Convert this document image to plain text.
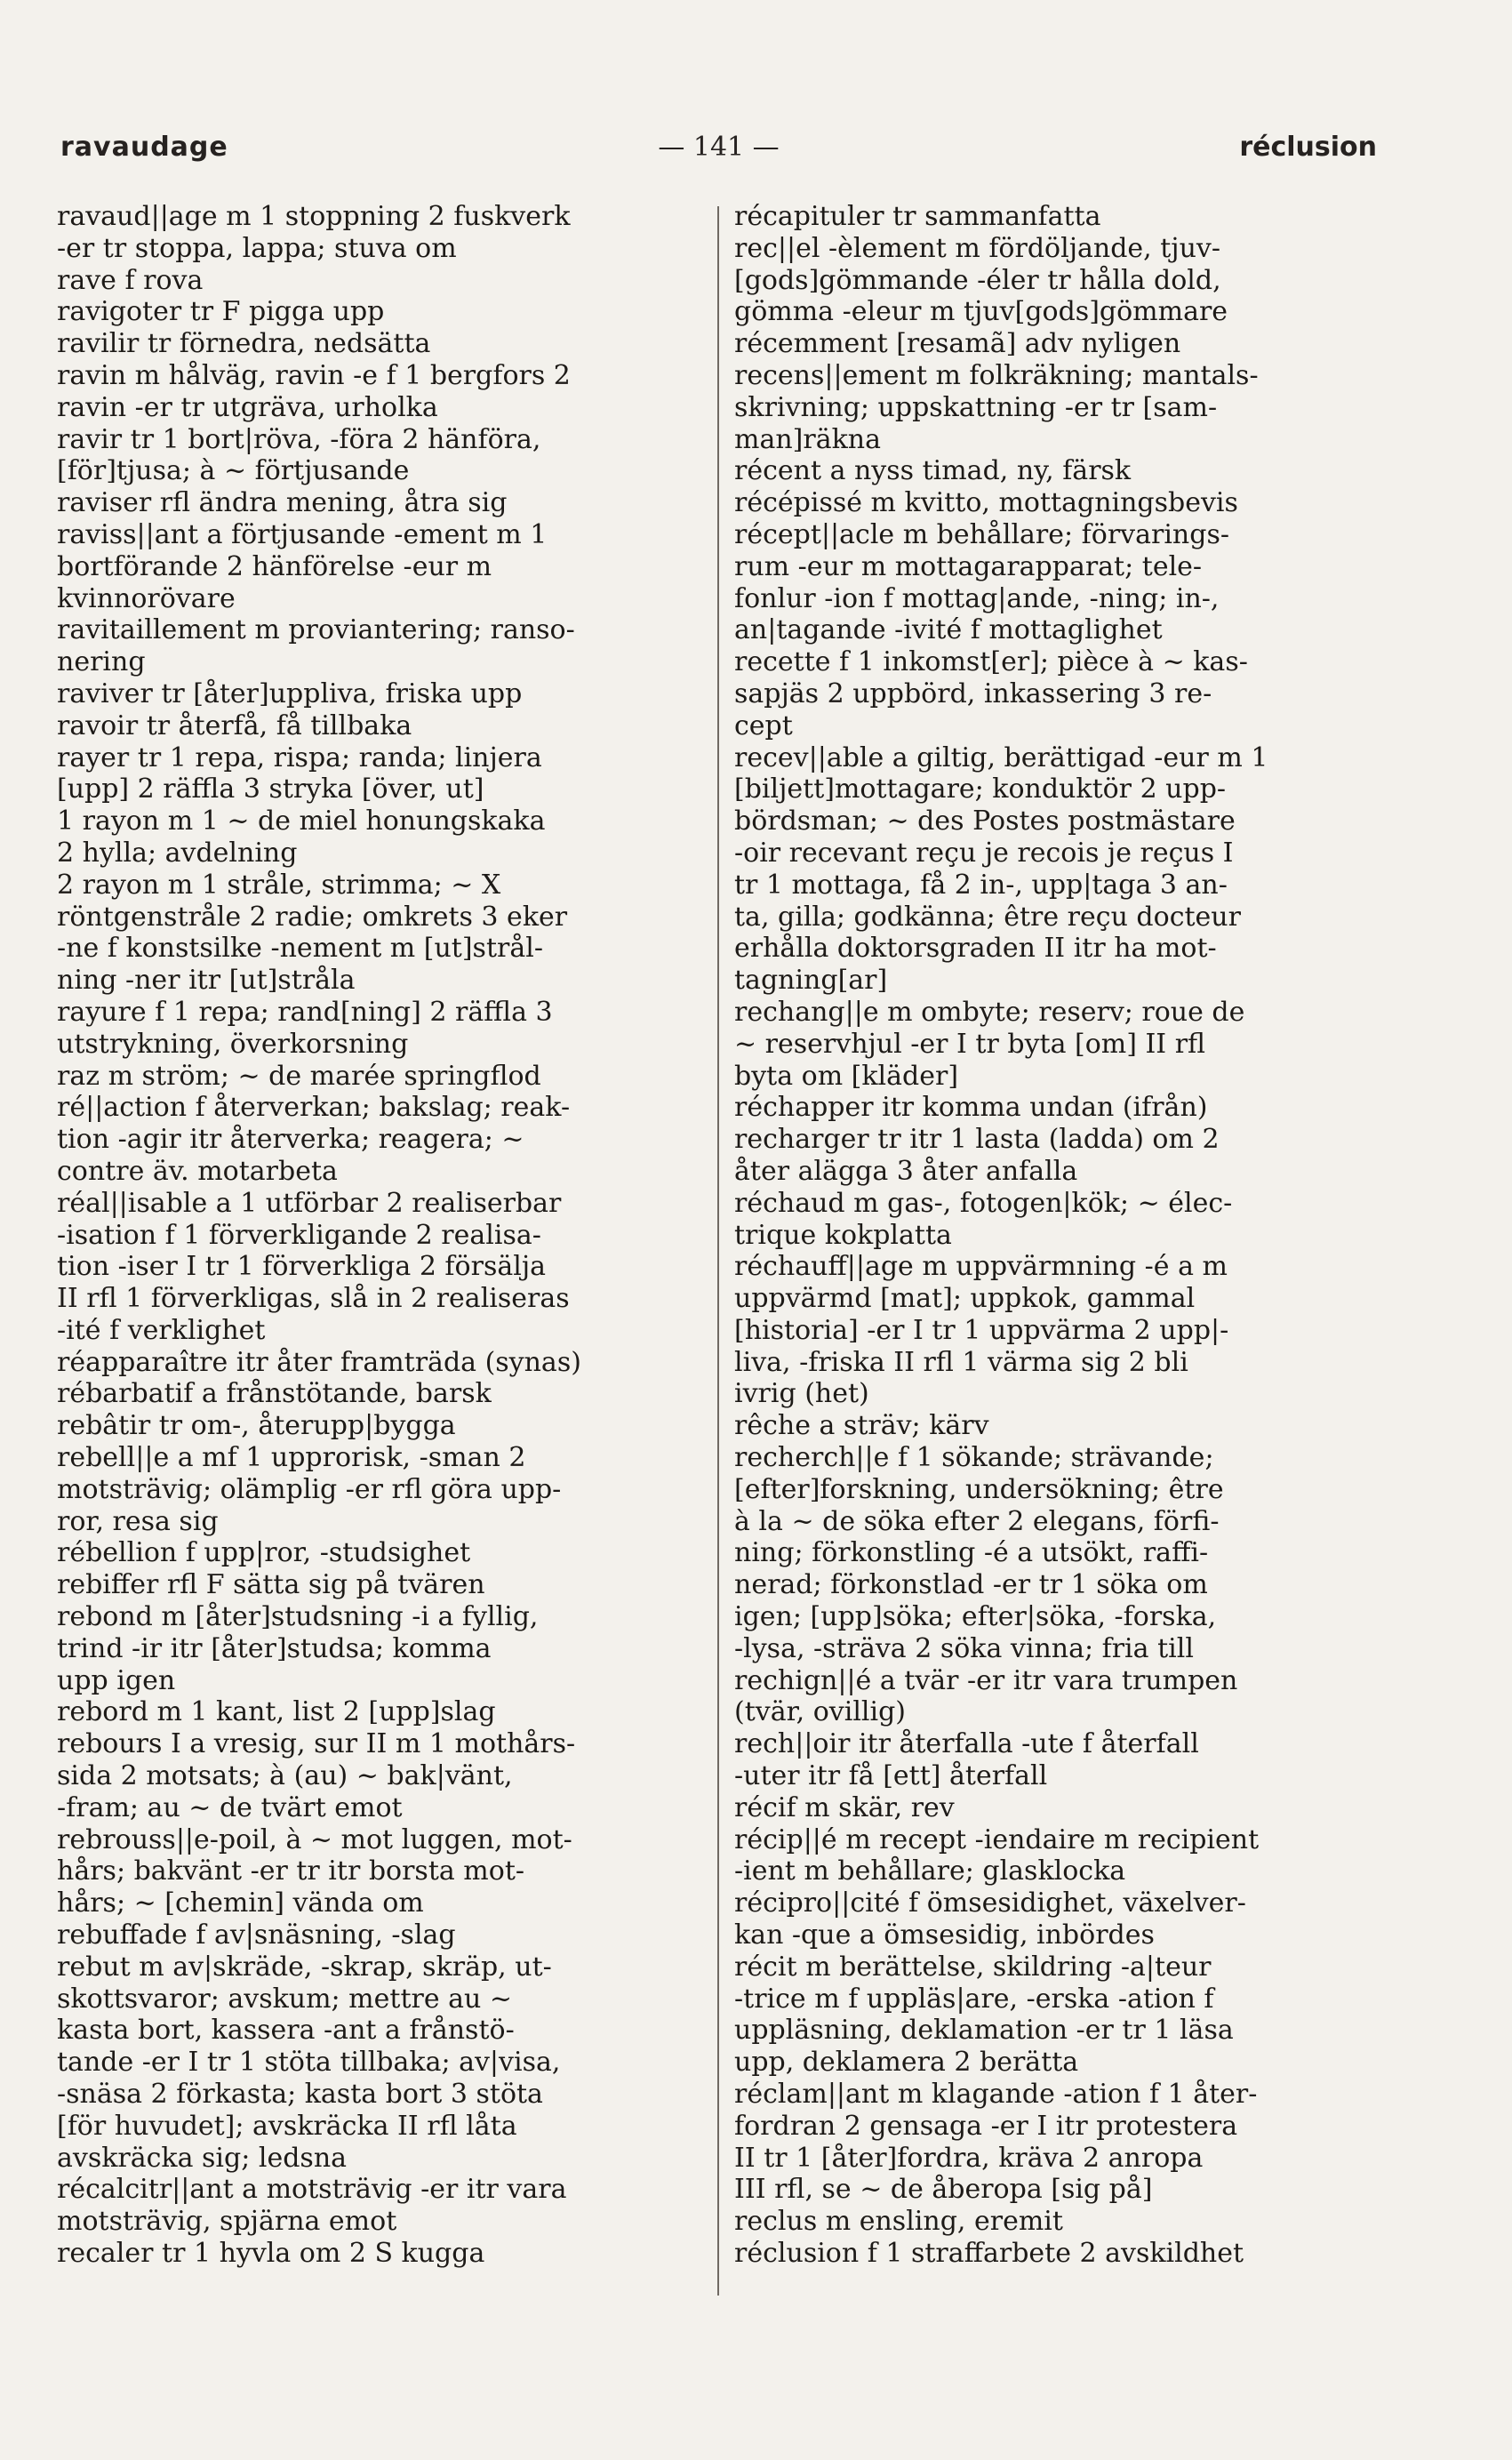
ravaudage	— 141 —	réclusion
ravaud||age m 1 stoppning 2 fuskverk
-er tr stoppa, lappa; stuva om
rave f rova
ravigoter tr F pigga upp
ravilir tr förnedra, nedsätta
ravin m hålväg, ravin -e f 1 bergfors 2
ravin -er tr utgräva, urholka
ravir tr 1 bort|röva, -föra 2 hänföra,
[för]tjusa; à ~ förtjusande
raviser rfl ändra mening, åtra sig
raviss||ant a förtjusande -ement m 1
bortförande 2 hänförelse -eur m
kvinnorövare
ravitaillement m proviantering; ranso-
nering
raviver tr [åter]uppliva, friska upp
ravoir tr återfå, få tillbaka
rayer tr 1 repa, rispa; randa; linjera
[upp] 2 räffla 3 stryka [över, ut]
1 rayon m 1 ~ de miel honungskaka
2 hylla; avdelning
2 rayon m 1 stråle, strimma; ~ X
röntgenstråle 2 radie; omkrets 3 eker
-ne f konstsilke -nement m [ut]strål-
ning -ner itr [ut]stråla
rayure f 1 repa; rand[ning] 2 räffla 3
utstrykning, överkorsning
raz m ström; ~ de marée springflod
ré||action f återverkan; bakslag; reak-
tion -agir itr återverka; reagera; ~
contre äv. motarbeta
réal||isable a 1 utförbar 2 realiserbar
-isation f 1 förverkligande 2 realisa-
tion -iser I tr 1 förverkliga 2 försälja
II rfl 1 förverkligas, slå in 2 realiseras
-ité f verklighet
réapparaître itr åter framträda (synas)
rébarbatif a frånstötande, barsk
rebâtir tr om-, återupp|bygga
rebell||e a mf 1 upprorisk, -sman 2
motsträvig; olämplig -er rfl göra upp-
ror, resa sig
rébellion f upp|ror, -studsighet
rebiffer rfl F sätta sig på tvären
rebond m [åter]studsning -i a fyllig,
trind -ir itr [åter]studsa; komma
upp igen
rebord m 1 kant, list 2 [upp]slag
rebours I a vresig, sur II m 1 mothårs-
sida 2 motsats; à (au) ~ bak|vänt,
-fram; au ~ de tvärt emot
rebrouss||e-poil, à ~ mot luggen, mot-
hårs; bakvänt -er tr itr borsta mot-
hårs; ~ [chemin] vända om
rebuffade f av|snäsning, -slag
rebut m av|skräde, -skrap, skräp, ut-
skottsvaror; avskum; mettre au ~
kasta bort, kassera -ant a frånstö-
tande -er I tr 1 stöta tillbaka; av|visa,
-snäsa 2 förkasta; kasta bort 3 stöta
[för huvudet]; avskräcka II rfl låta
avskräcka sig; ledsna
récalcitr||ant a motsträvig -er itr vara
motsträvig, spjärna emot
recaler tr 1 hyvla om 2 S kugga
récapituler tr sammanfatta
rec||el -èlement m fördöljande, tjuv-
[gods]gömmande -éler tr hålla dold,
gömma -eleur m tjuv[gods]gömmare
récemment [resamã] adv nyligen
recens||ement m folkräkning; mantals-
skrivning; uppskattning -er tr [sam-
man]räkna
récent a nyss timad, ny, färsk
récépissé m kvitto, mottagningsbevis
récept||acle m behållare; förvarings-
rum -eur m mottagarapparat; tele-
fonlur -ion f mottag|ande, -ning; in-,
an|tagande -ivité f mottaglighet
recette f 1 inkomst[er]; pièce à ~ kas-
sapjäs 2 uppbörd, inkassering 3 re-
cept
recev||able a giltig, berättigad -eur m 1
[biljett]mottagare; konduktör 2 upp-
bördsman; ~ des Postes postmästare
-oir recevant reçu je recois je reçus I
tr 1 mottaga, få 2 in-, upp|taga 3 an-
ta, gilla; godkänna; être reçu docteur
erhålla doktorsgraden II itr ha mot-
tagning[ar]
rechang||e m ombyte; reserv; roue de
~ reservhjul -er I tr byta [om] II rfl
byta om [kläder]
réchapper itr komma undan (ifrån)
recharger tr itr 1 lasta (ladda) om 2
åter alägga 3 åter anfalla
réchaud m gas-, fotogen|kök; ~ élec-
trique kokplatta
réchauff||age m uppvärmning -é a m
uppvärmd [mat]; uppkok, gammal
[historia] -er I tr 1 uppvärma 2 upp|-
liva, -friska II rfl 1 värma sig 2 bli
ivrig (het)
rêche a sträv; kärv
recherch||e f 1 sökande; strävande;
[efter]forskning, undersökning; être
à la ~ de söka efter 2 elegans, förfi-
ning; förkonstling -é a utsökt, raffi-
nerad; förkonstlad -er tr 1 söka om
igen; [upp]söka; efter|söka, -forska,
-lysa, -sträva 2 söka vinna; fria till
rechign||é a tvär -er itr vara trumpen
(tvär, ovillig)
rech||oir itr återfalla -ute f återfall
-uter itr få [ett] återfall
récif m skär, rev
récip||é m recept -iendaire m recipient
-ient m behållare; glasklocka
récipro||cité f ömsesidighet, växelver-
kan -que a ömsesidig, inbördes
récit m berättelse, skildring -a|teur
-trice m f uppläs|are, -erska -ation f
uppläsning, deklamation -er tr 1 läsa
upp, deklamera 2 berätta
réclam||ant m klagande -ation f 1 åter-
fordran 2 gensaga -er I itr protestera
II tr 1 [åter]fordra, kräva 2 anropa
III rfl, se ~ de åberopa [sig på]
reclus m ensling, eremit
réclusion f 1 straffarbete 2 avskildhet
